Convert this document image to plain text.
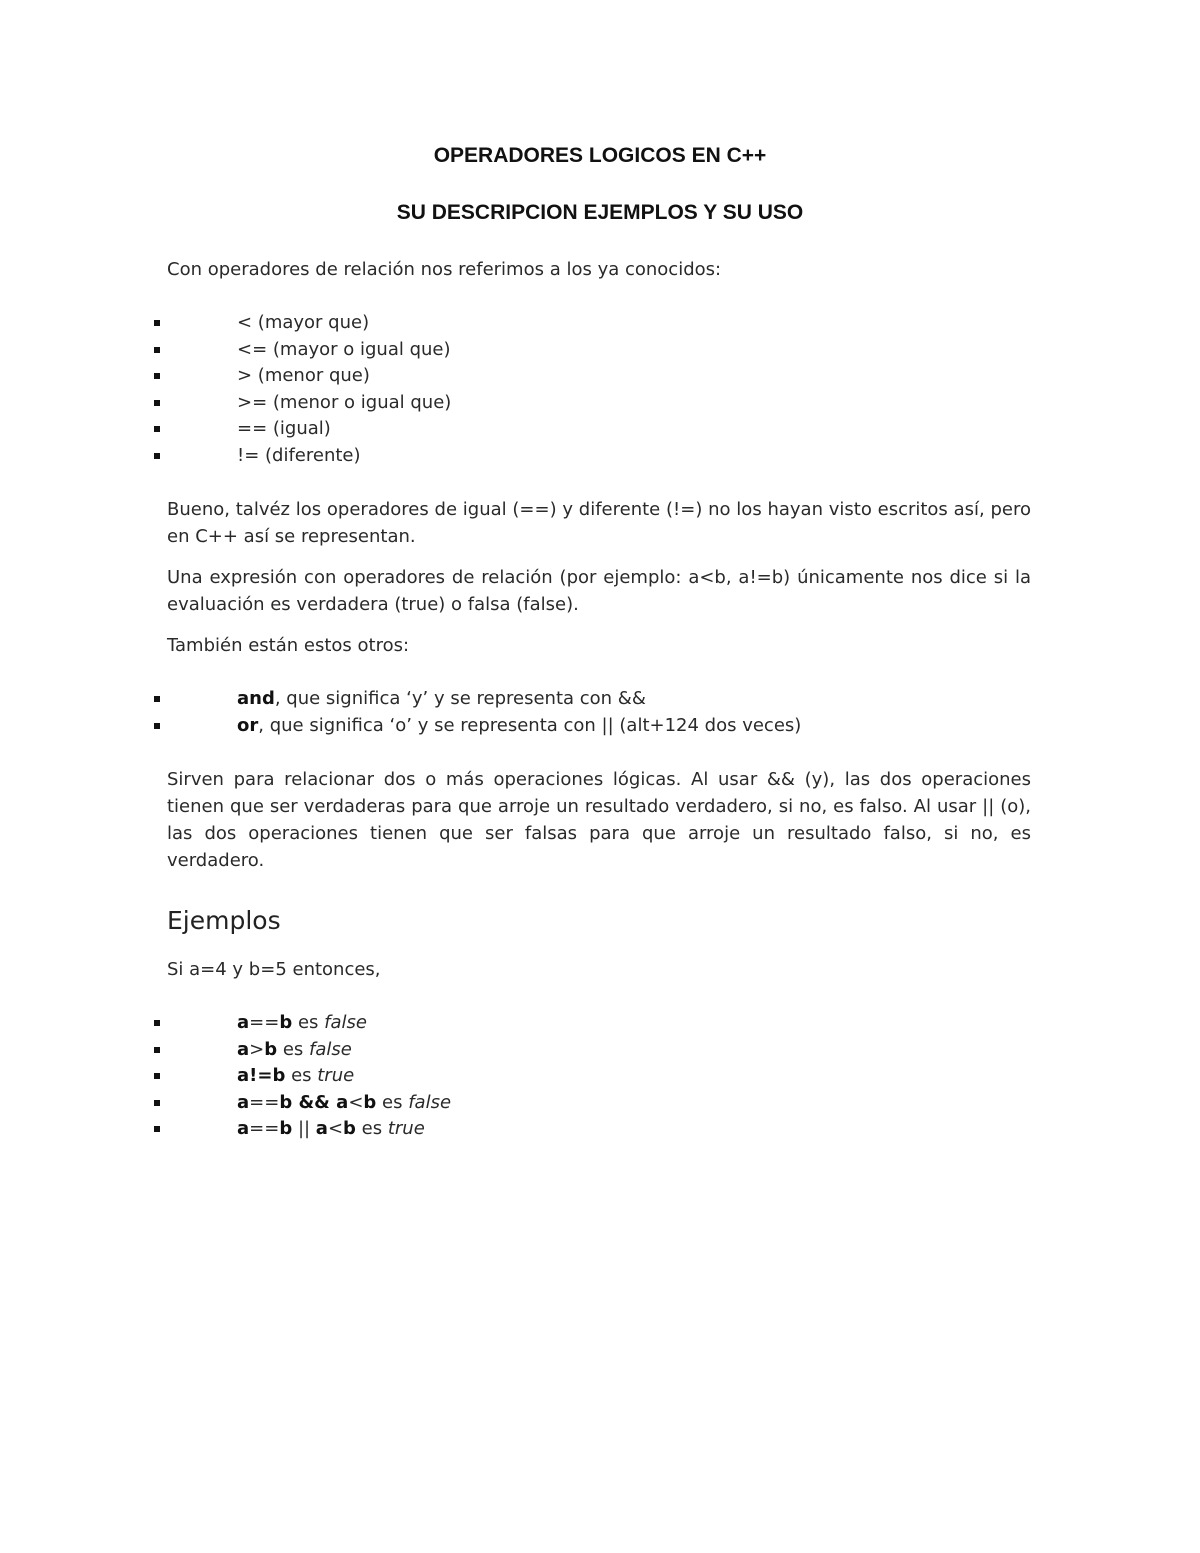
OPERADORES LOGICOS EN C++
SU DESCRIPCION EJEMPLOS Y SU USO
Con operadores de relación nos referimos a los ya conocidos:
< (mayor que)
<= (mayor o igual que)
> (menor que)
>= (menor o igual que)
== (igual)
!= (diferente)
Bueno, talvéz los operadores de igual (==) y diferente (!=) no los hayan visto escritos así, pero en C++ así se representan.
Una expresión con operadores de relación (por ejemplo: a<b, a!=b) únicamente nos dice si la evaluación es verdadera (true) o falsa (false).
También están estos otros:
and, que significa ‘y’ y se representa con &&
or, que significa ‘o’ y se representa con || (alt+124 dos veces)
Sirven para relacionar dos o más operaciones lógicas. Al usar && (y), las dos operaciones tienen que ser verdaderas para que arroje un resultado verdadero, si no, es falso. Al usar || (o), las dos operaciones tienen que ser falsas para que arroje un resultado falso, si no, es verdadero.
Ejemplos
Si a=4 y b=5 entonces,
a==b es false
a>b es false
a!=b es true
a==b && a<b es false
a==b || a<b es true
